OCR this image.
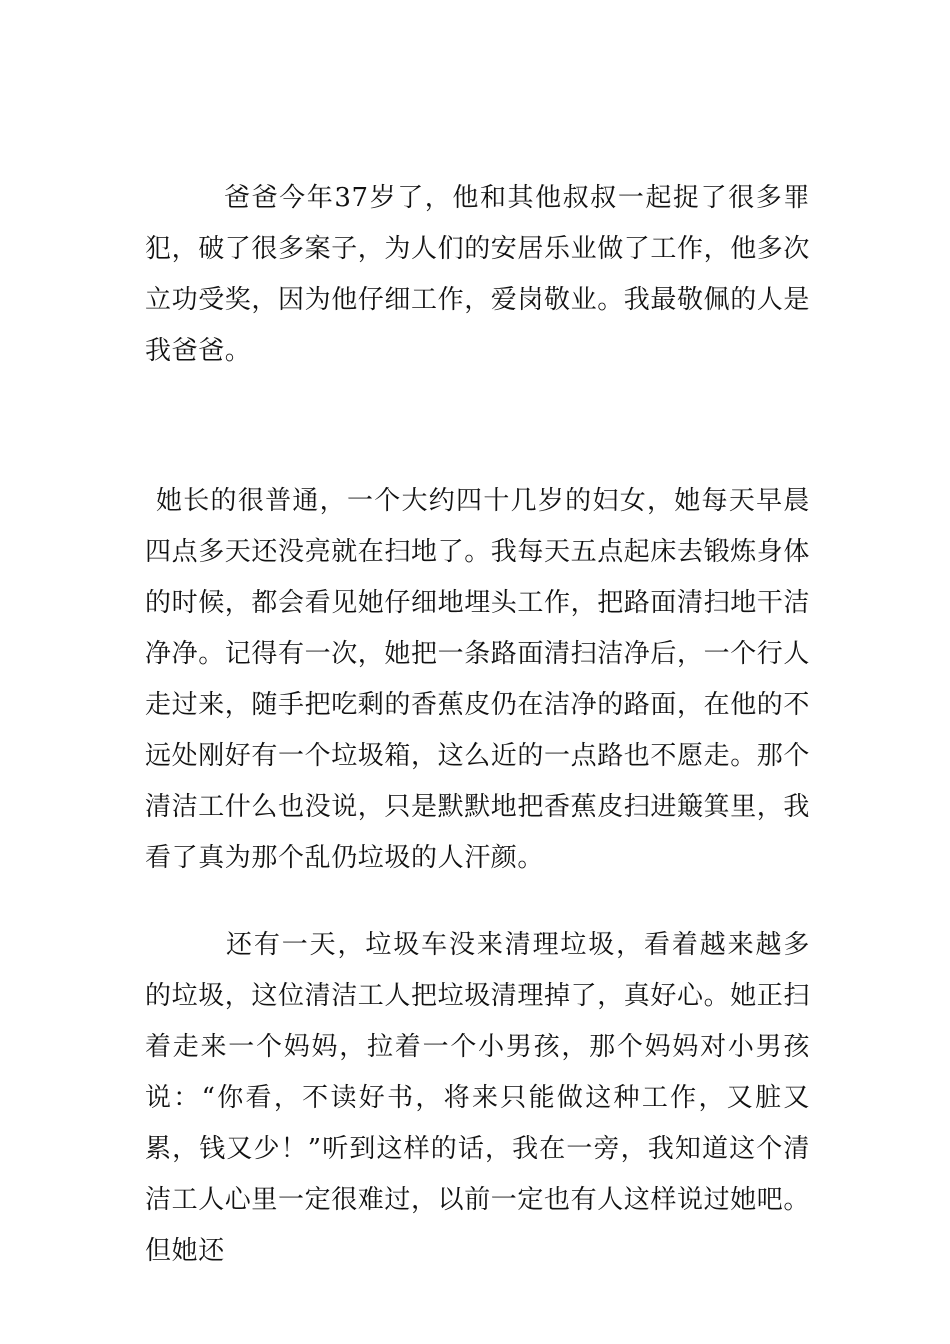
爸爸今年37岁了，他和其他叔叔一起捉了很多罪犯，破了很多案子，为人们的安居乐业做了工作，他多次立功受奖，因为他仔细工作，爱岗敬业。我最敬佩的人是我爸爸。

她长的很普通，一个大约四十几岁的妇女，她每天早晨四点多天还没亮就在扫地了。我每天五点起床去锻炼身体的时候，都会看见她仔细地埋头工作，把路面清扫地干洁净净。记得有一次，她把一条路面清扫洁净后，一个行人走过来，随手把吃剩的香蕉皮仍在洁净的路面，在他的不远处刚好有一个垃圾箱，这么近的一点路也不愿走。那个清洁工什么也没说，只是默默地把香蕉皮扫进簸箕里，我看了真为那个乱仍垃圾的人汗颜。

还有一天，垃圾车没来清理垃圾，看着越来越多的垃圾，这位清洁工人把垃圾清理掉了，真好心。她正扫着走来一个妈妈，拉着一个小男孩，那个妈妈对小男孩说：“你看，不读好书，将来只能做这种工作，又脏又累，钱又少！”听到这样的话，我在一旁，我知道这个清洁工人心里一定很难过，以前一定也有人这样说过她吧。但她还
